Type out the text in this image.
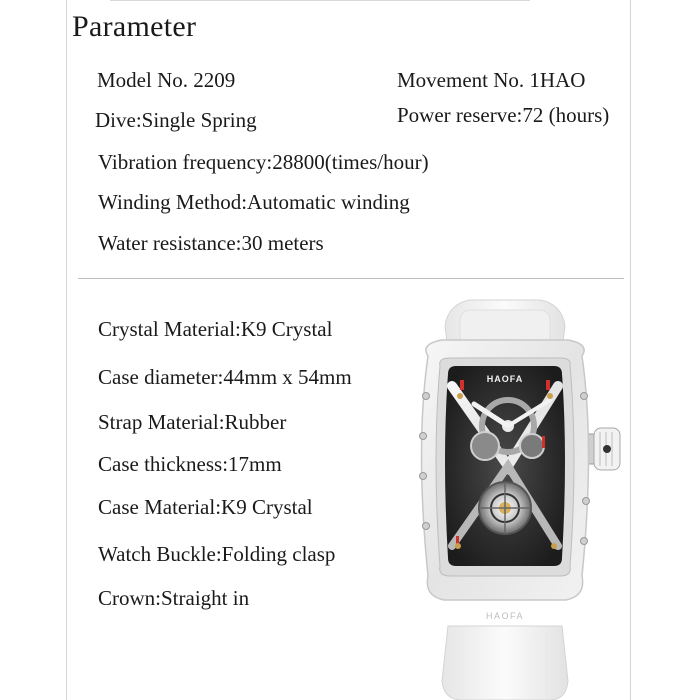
Parameter
Model No. 2209	Movement No. 1HAO
Dive:Single Spring	Power reserve:72 (hours)
Vibration frequency:28800(times/hour)
Winding Method:Automatic winding
Water resistance:30 meters
Crystal Material:K9 Crystal
Case diameter:44mm x 54mm
Strap Material:Rubber
Case thickness:17mm
Case Material:K9 Crystal
Watch Buckle:Folding clasp
Crown:Straight in
HAOFA
HAOFA
